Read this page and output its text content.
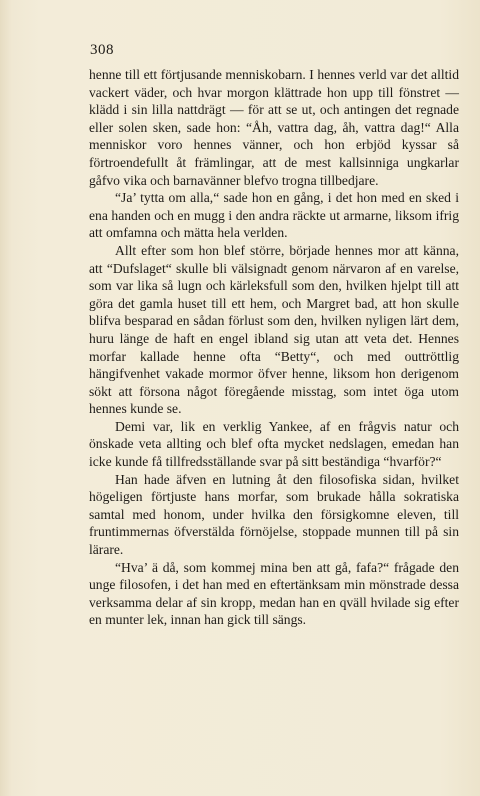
308

henne till ett förtjusande menniskobarn. I hennes verld var det alltid vackert väder, och hvar morgon klättrade hon upp till fönstret — klädd i sin lilla nattdrägt — för att se ut, och antingen det regnade eller solen sken, sade hon: “Åh, vattra dag, åh, vattra dag!“ Alla menniskor voro hennes vänner, och hon erbjöd kyssar så förtroendefullt åt främlingar, att de mest kallsinniga ungkarlar gåfvo vika och barnavänner blefvo trogna tillbedjare.

“Ja’ tytta om alla,“ sade hon en gång, i det hon med en sked i ena handen och en mugg i den andra räckte ut armarne, liksom ifrig att omfamna och mätta hela verlden.

Allt efter som hon blef större, började hennes mor att känna, att “Dufslaget“ skulle bli välsignadt genom närvaron af en varelse, som var lika så lugn och kärleksfull som den, hvilken hjelpt till att göra det gamla huset till ett hem, och Margret bad, att hon skulle blifva besparad en sådan förlust som den, hvilken nyligen lärt dem, huru länge de haft en engel ibland sig utan att veta det. Hennes morfar kallade henne ofta “Betty“, och med outtröttlig hängifvenhet vakade mormor öfver henne, liksom hon derigenom sökt att försona något föregående misstag, som intet öga utom hennes kunde se.

Demi var, lik en verklig Yankee, af en frågvis natur och önskade veta allting och blef ofta mycket nedslagen, emedan han icke kunde få tillfredsställande svar på sitt beständiga “hvarför?“

Han hade äfven en lutning åt den filosofiska sidan, hvilket högeligen förtjuste hans morfar, som brukade hålla sokratiska samtal med honom, under hvilka den försigkomne eleven, till fruntimmernas öfverstälda förnöjelse, stoppade munnen till på sin lärare.

“Hva’ ä då, som kommej mina ben att gå, fafa?“ frågade den unge filosofen, i det han med en eftertänksam min mönstrade dessa verksamma delar af sin kropp, medan han en qväll hvilade sig efter en munter lek, innan han gick till sängs.
